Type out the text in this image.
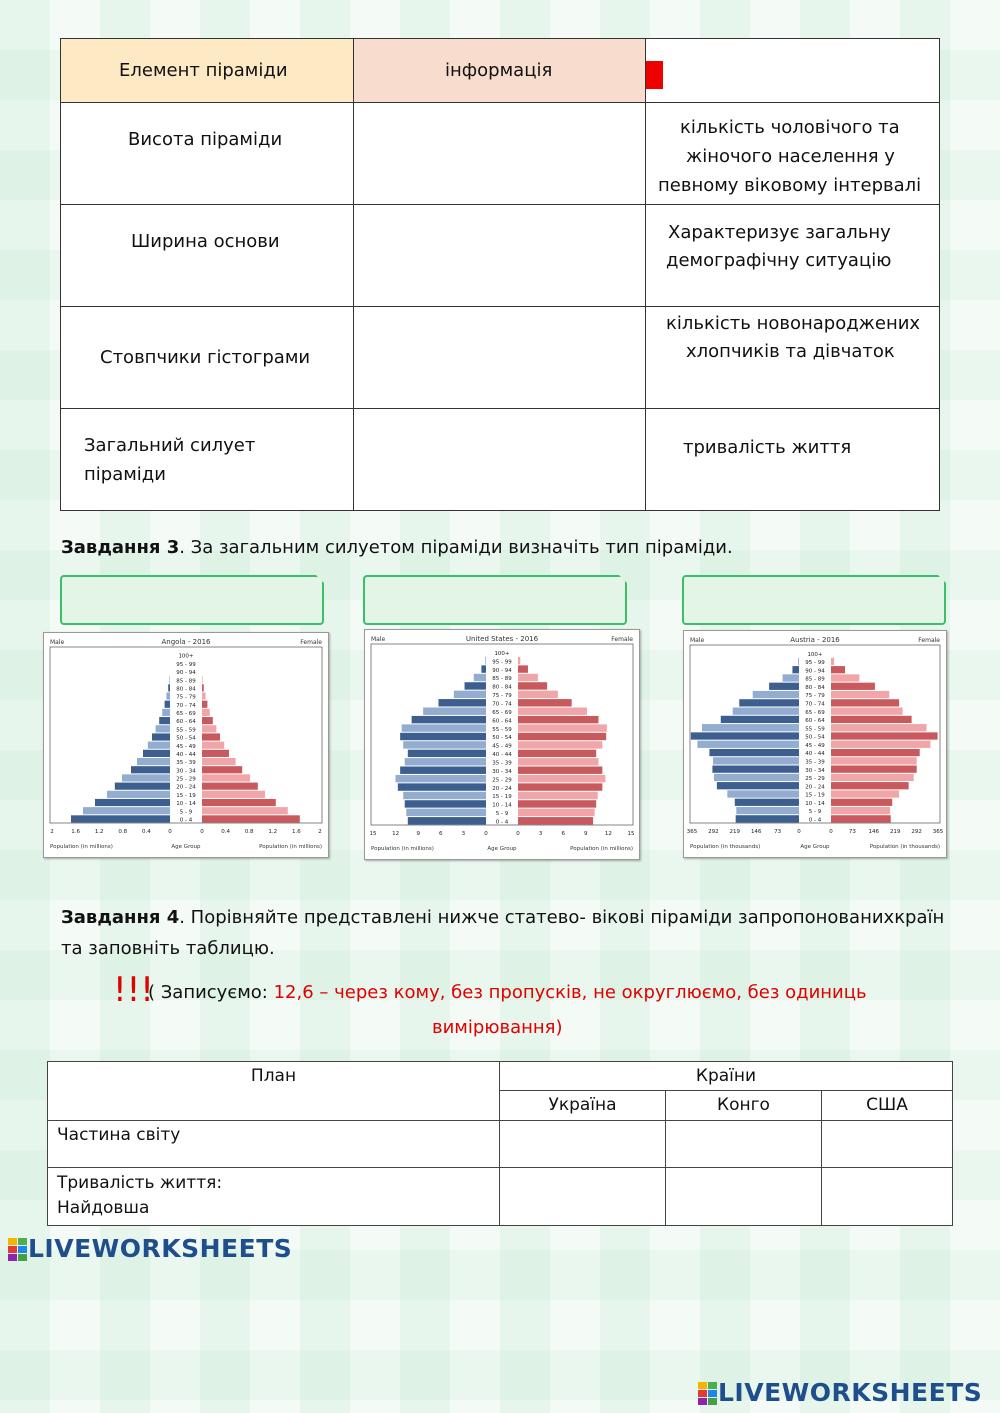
Елемент піраміди	інформація	

Висота піраміди		кількість чоловічого та
жіночого населення у
певному віковому інтервалі

Ширина основи		Характеризує загальну
демографічну ситуацію

Стовпчики гістограми		кількість новонароджених
хлопчиків та дівчаток

Загальний силует
піраміди		тривалість життя
Завдання 3. За загальним силуетом піраміди визначіть тип піраміди.
Angola - 2016
Male	Female
0 - 4
5 - 9
10 - 14
15 - 19
20 - 24
25 - 29
30 - 34
35 - 39
40 - 44
45 - 49
50 - 54
55 - 59
60 - 64
65 - 69
70 - 74
75 - 79
80 - 84
85 - 89
90 - 94
95 - 99
100+
2	0
1.6	0.4
1.2	0.8
0.8	1.2
0.4	1.6
0	2
Population (in millions)	Age Group	Population (in millions)
United States - 2016
Male	Female
0 - 4
5 - 9
10 - 14
15 - 19
20 - 24
25 - 29
30 - 34
35 - 39
40 - 44
45 - 49
50 - 54
55 - 59
60 - 64
65 - 69
70 - 74
75 - 79
80 - 84
85 - 89
90 - 94
95 - 99
100+
15	0
12	3
9	6
6	9
3	12
0	15
Population (in millions)	Age Group	Population (in millions)
Austria - 2016
Male	Female
0 - 4
5 - 9
10 - 14
15 - 19
20 - 24
25 - 29
30 - 34
35 - 39
40 - 44
45 - 49
50 - 54
55 - 59
60 - 64
65 - 69
70 - 74
75 - 79
80 - 84
85 - 89
90 - 94
95 - 99
100+
365	0
292	73
219	146
146	219
73	292
0	365
Population (in thousands)	Age Group	Population (in thousands)
Завдання 4. Порівняйте представлені нижче статево- вікові піраміди запропонованихкраїн
та заповніть таблицю.
!!!
( Записуємо: 12,6 – через кому, без пропусків, не округлюємо, без одиниць
вимірювання)
План	Країни		

	Україна	Конго	США

Частина світу			

Тривалість життя:
Найдовша			

LIVEWORKSHEETS
LIVEWORKSHEETS
